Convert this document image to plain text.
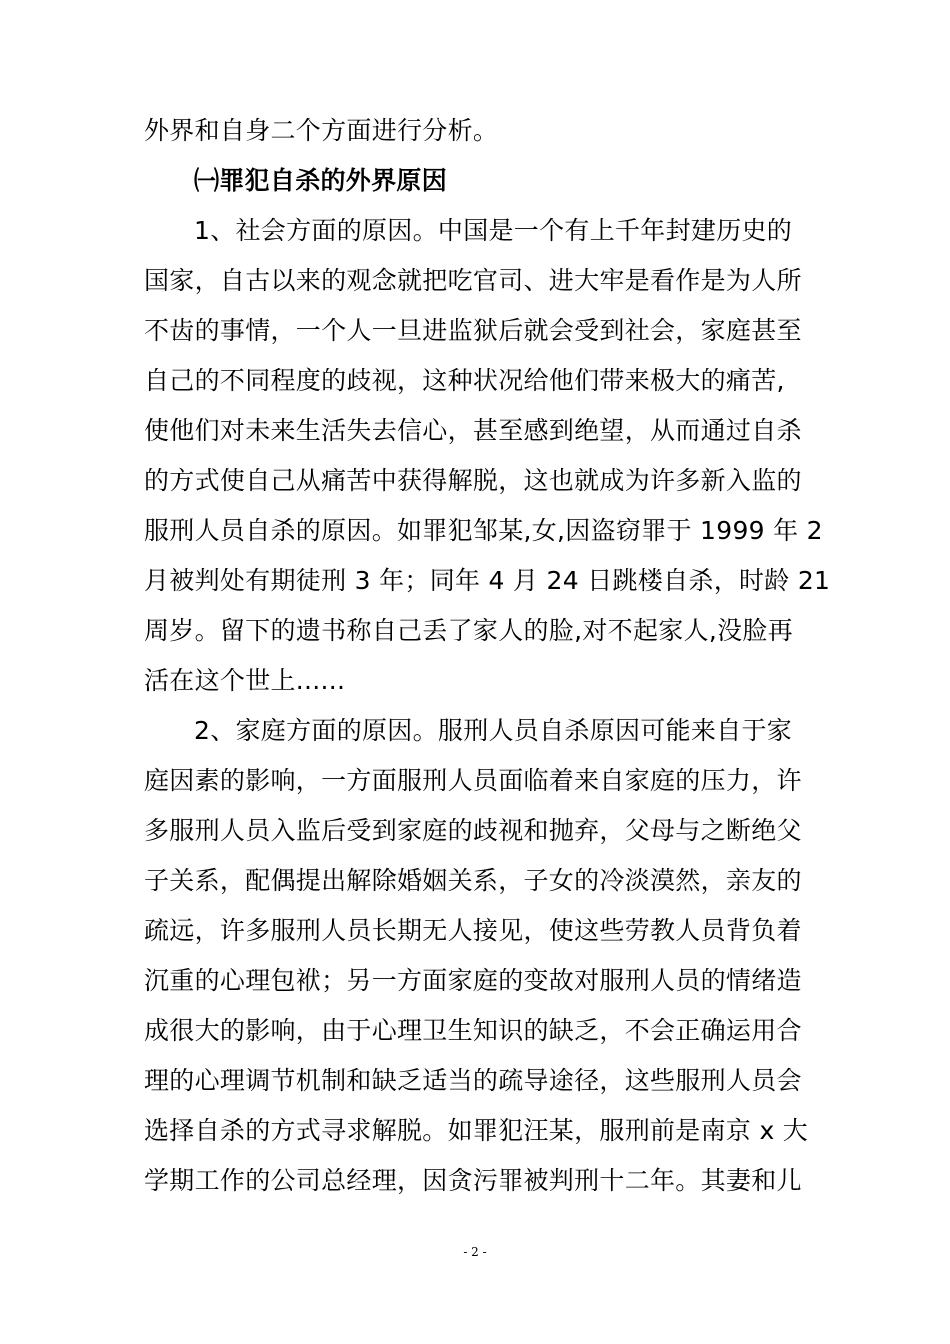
外界和自身二个方面进行分析。
㈠罪犯自杀的外界原因
1、社会方面的原因。中国是一个有上千年封建历史的
国家，自古以来的观念就把吃官司、进大牢是看作是为人所
不齿的事情，一个人一旦进监狱后就会受到社会，家庭甚至
自己的不同程度的歧视，这种状况给他们带来极大的痛苦,
使他们对未来生活失去信心，甚至感到绝望，从而通过自杀
的方式使自己从痛苦中获得解脱，这也就成为许多新入监的
服刑人员自杀的原因。如罪犯邹某,女,因盗窃罪于 1999 年 2
月被判处有期徒刑 3 年；同年 4 月 24 日跳楼自杀，时龄 21
周岁。留下的遗书称自己丢了家人的脸,对不起家人,没脸再
活在这个世上......
2、家庭方面的原因。服刑人员自杀原因可能来自于家
庭因素的影响，一方面服刑人员面临着来自家庭的压力，许
多服刑人员入监后受到家庭的歧视和抛弃，父母与之断绝父
子关系，配偶提出解除婚姻关系，子女的冷淡漠然，亲友的
疏远，许多服刑人员长期无人接见，使这些劳教人员背负着
沉重的心理包袱；另一方面家庭的变故对服刑人员的情绪造
成很大的影响，由于心理卫生知识的缺乏，不会正确运用合
理的心理调节机制和缺乏适当的疏导途径，这些服刑人员会
选择自杀的方式寻求解脱。如罪犯汪某，服刑前是南京 x 大
学期工作的公司总经理，因贪污罪被判刑十二年。其妻和儿
- 2 -
